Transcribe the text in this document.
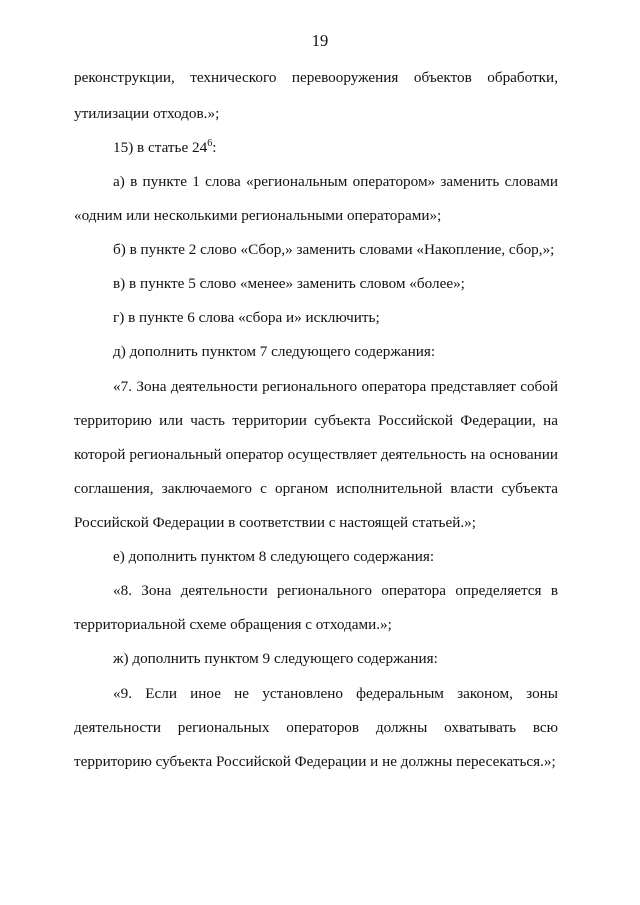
19
реконструкции, технического перевооружения объектов обработки,
утилизации отходов.»;
15) в статье $24^6$:
а) в пункте 1 слова «региональным оператором» заменить словами
«одним или несколькими региональными операторами»;
б) в пункте 2 слово «Сбор,» заменить словами «Накопление, сбор,»;
в) в пункте 5 слово «менее» заменить словом «более»;
г) в пункте 6 слова «сбора и» исключить;
д) дополнить пунктом 7 следующего содержания:
«7. Зона деятельности регионального оператора представляет собой
территорию или часть территории субъекта Российской Федерации, на
которой региональный оператор осуществляет деятельность на основании
соглашения, заключаемого с органом исполнительной власти субъекта
Российской Федерации в соответствии с настоящей статьей.»;
е) дополнить пунктом 8 следующего содержания:
«8. Зона деятельности регионального оператора определяется в
территориальной схеме обращения с отходами.»;
ж) дополнить пунктом 9 следующего содержания:
«9. Если иное не установлено федеральным законом, зоны
деятельности региональных операторов должны охватывать всю
территорию субъекта Российской Федерации и не должны пересекаться.»;
